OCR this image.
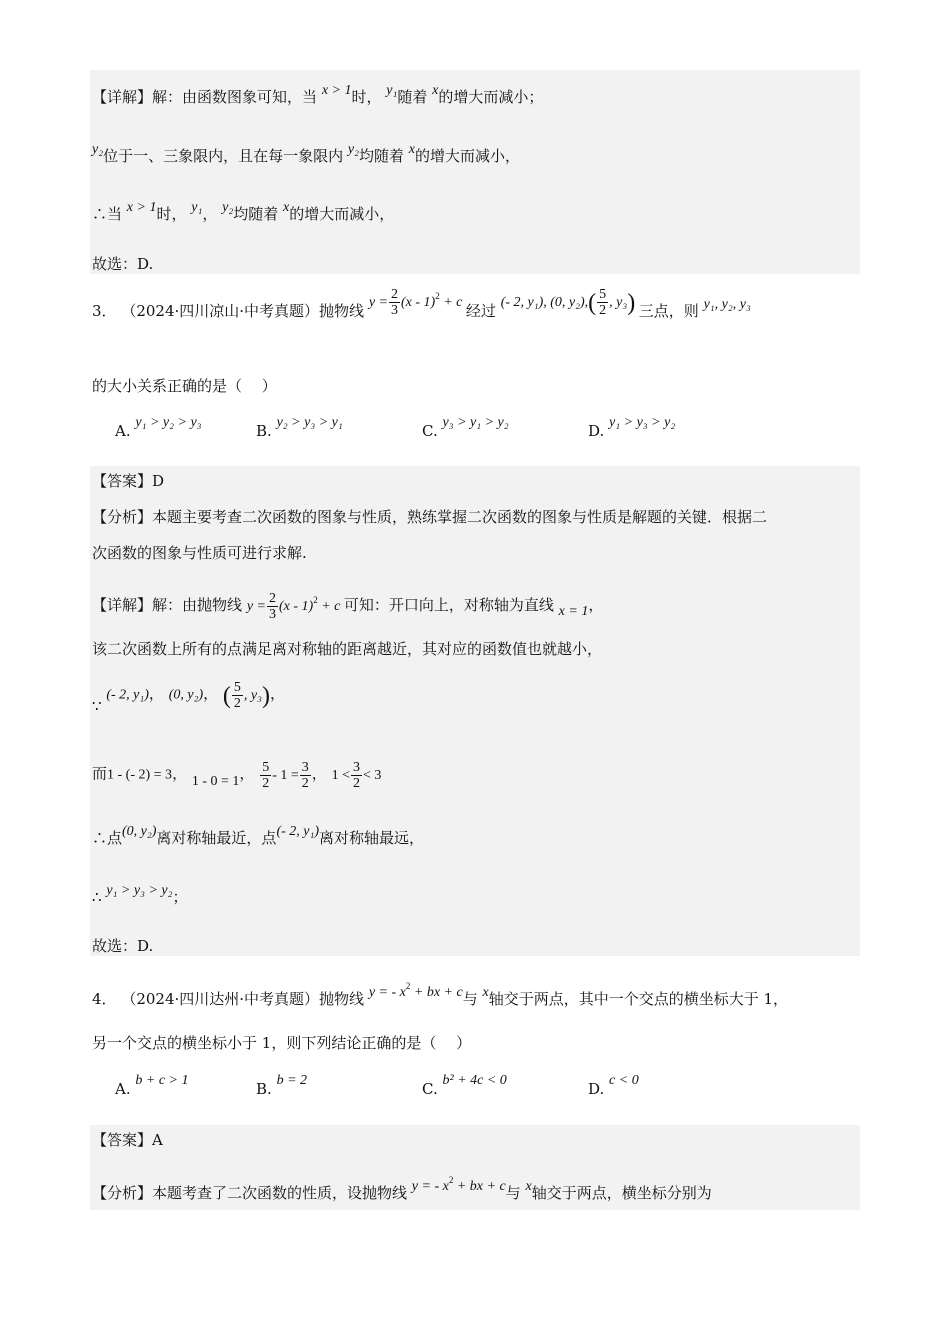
【详解】解：由函数图象可知，当 x > 1时， y₁随着 x的增大而减小；
y₂位于一、三象限内，且在每一象限内 y₂均随着 x的增大而减小，
∴当 x > 1时， y₁， y₂均随着 x的增大而减小，
故选：D.
3． （2024·四川凉山·中考真题）抛物线 $y = \frac{2}{3} (x - 1)^2 + c$ 经过 (- 2, y₁), (0, $y_2),( \frac{5}{2}$ , y₃) 三点，则 y₁, y₂, y₃
的大小关系正确的是（　 ）
A. y₁ > y₂ > y₃	B. y₂ > y₃ > y₁	C. y₃ > y₁ > y₂	D. y₁ > y₃ > y₂
【答案】D
【分析】本题主要考查二次函数的图象与性质，熟练掌握二次函数的图象与性质是解题的关键．根据二
次函数的图象与性质可进行求解.
【详解】解：由抛物线 $y = \frac{2}{3} (x - 1)^2 + c$ 可知：开口向上，对称轴为直线 x = 1，
该二次函数上所有的点满足离对称轴的距离越近，其对应的函数值也就越小，
∵ (- 2, y₁)， (0, y₂)， ( $\frac{5}{2}$ , y₃)，
而1 - (- 2) = 3， 1 - 0 = 1， $\frac{5}{2} - 1 = \frac{3}{2}$ ， $1 < \frac{3}{2} < 3$
∴点(0, y₂)离对称轴最近，点(- 2, y₁)离对称轴最远，
∴ y₁ > y₃ > y₂；
故选：D.
4． （2024·四川达州·中考真题）抛物线 y = - $x^2$ + bx + c与 x轴交于两点，其中一个交点的横坐标大于 1，
另一个交点的横坐标小于 1，则下列结论正确的是（　 ）
A. b + c > 1	B. b = 2	C. b² + 4c < 0	D. c < 0
【答案】A
【分析】本题考查了二次函数的性质，设抛物线 y = - $x^2$ + bx + c与 x轴交于两点，横坐标分别为
